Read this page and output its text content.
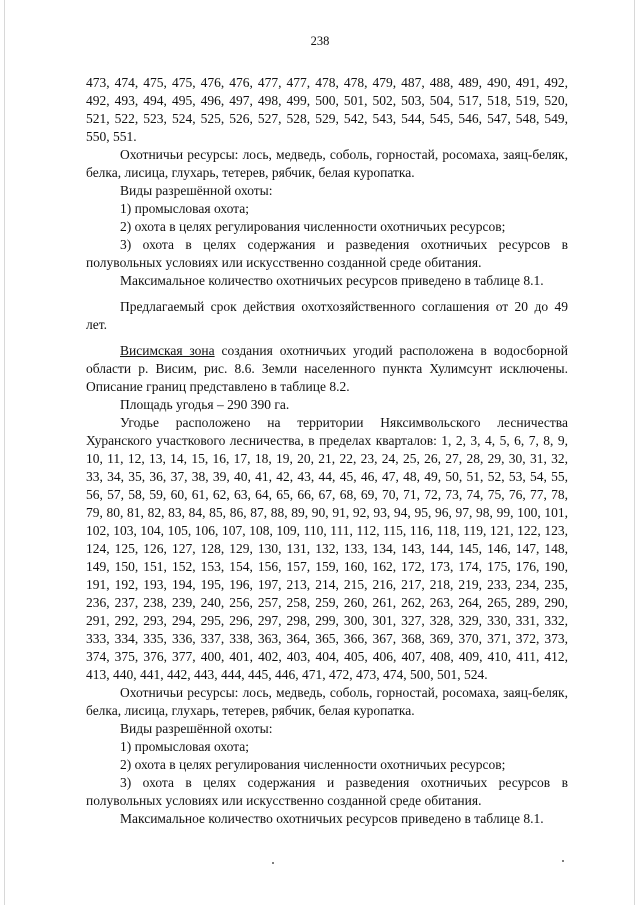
238

473, 474, 475, 475, 476, 476, 477, 477, 478, 478, 479, 487, 488, 489, 490, 491, 492, 492, 493, 494, 495, 496, 497, 498, 499, 500, 501, 502, 503, 504, 517, 518, 519, 520, 521, 522, 523, 524, 525, 526, 527, 528, 529, 542, 543, 544, 545, 546, 547, 548, 549, 550, 551.

Охотничьи ресурсы: лось, медведь, соболь, горностай, росомаха, заяц-беляк, белка, лисица, глухарь, тетерев, рябчик, белая куропатка.

Виды разрешённой охоты:

1) промысловая охота;

2) охота в целях регулирования численности охотничьих ресурсов;

3) охота в целях содержания и разведения охотничьих ресурсов в полувольных условиях или искусственно созданной среде обитания.

Максимальное количество охотничьих ресурсов приведено в таблице 8.1.

Предлагаемый срок действия охотхозяйственного соглашения от 20 до 49 лет.

Висимская зона создания охотничьих угодий расположена в водосборной области р. Висим, рис. 8.6. Земли населенного пункта Хулимсунт исключены. Описание границ представлено в таблице 8.2.

Площадь угодья – 290 390 га.

Угодье расположено на территории Няксимвольского лесничества Хуранского участкового лесничества, в пределах кварталов: 1, 2, 3, 4, 5, 6, 7, 8, 9, 10, 11, 12, 13, 14, 15, 16, 17, 18, 19, 20, 21, 22, 23, 24, 25, 26, 27, 28, 29, 30, 31, 32, 33, 34, 35, 36, 37, 38, 39, 40, 41, 42, 43, 44, 45, 46, 47, 48, 49, 50, 51, 52, 53, 54, 55, 56, 57, 58, 59, 60, 61, 62, 63, 64, 65, 66, 67, 68, 69, 70, 71, 72, 73, 74, 75, 76, 77, 78, 79, 80, 81, 82, 83, 84, 85, 86, 87, 88, 89, 90, 91, 92, 93, 94, 95, 96, 97, 98, 99, 100, 101, 102, 103, 104, 105, 106, 107, 108, 109, 110, 111, 112, 115, 116, 118, 119, 121, 122, 123, 124, 125, 126, 127, 128, 129, 130, 131, 132, 133, 134, 143, 144, 145, 146, 147, 148, 149, 150, 151, 152, 153, 154, 156, 157, 159, 160, 162, 172, 173, 174, 175, 176, 190, 191, 192, 193, 194, 195, 196, 197, 213, 214, 215, 216, 217, 218, 219, 233, 234, 235, 236, 237, 238, 239, 240, 256, 257, 258, 259, 260, 261, 262, 263, 264, 265, 289, 290, 291, 292, 293, 294, 295, 296, 297, 298, 299, 300, 301, 327, 328, 329, 330, 331, 332, 333, 334, 335, 336, 337, 338, 363, 364, 365, 366, 367, 368, 369, 370, 371, 372, 373, 374, 375, 376, 377, 400, 401, 402, 403, 404, 405, 406, 407, 408, 409, 410, 411, 412, 413, 440, 441, 442, 443, 444, 445, 446, 471, 472, 473, 474, 500, 501, 524.

Охотничьи ресурсы: лось, медведь, соболь, горностай, росомаха, заяц-беляк, белка, лисица, глухарь, тетерев, рябчик, белая куропатка.

Виды разрешённой охоты:

1) промысловая охота;

2) охота в целях регулирования численности охотничьих ресурсов;

3) охота в целях содержания и разведения охотничьих ресурсов в полувольных условиях или искусственно созданной среде обитания.

Максимальное количество охотничьих ресурсов приведено в таблице 8.1.
